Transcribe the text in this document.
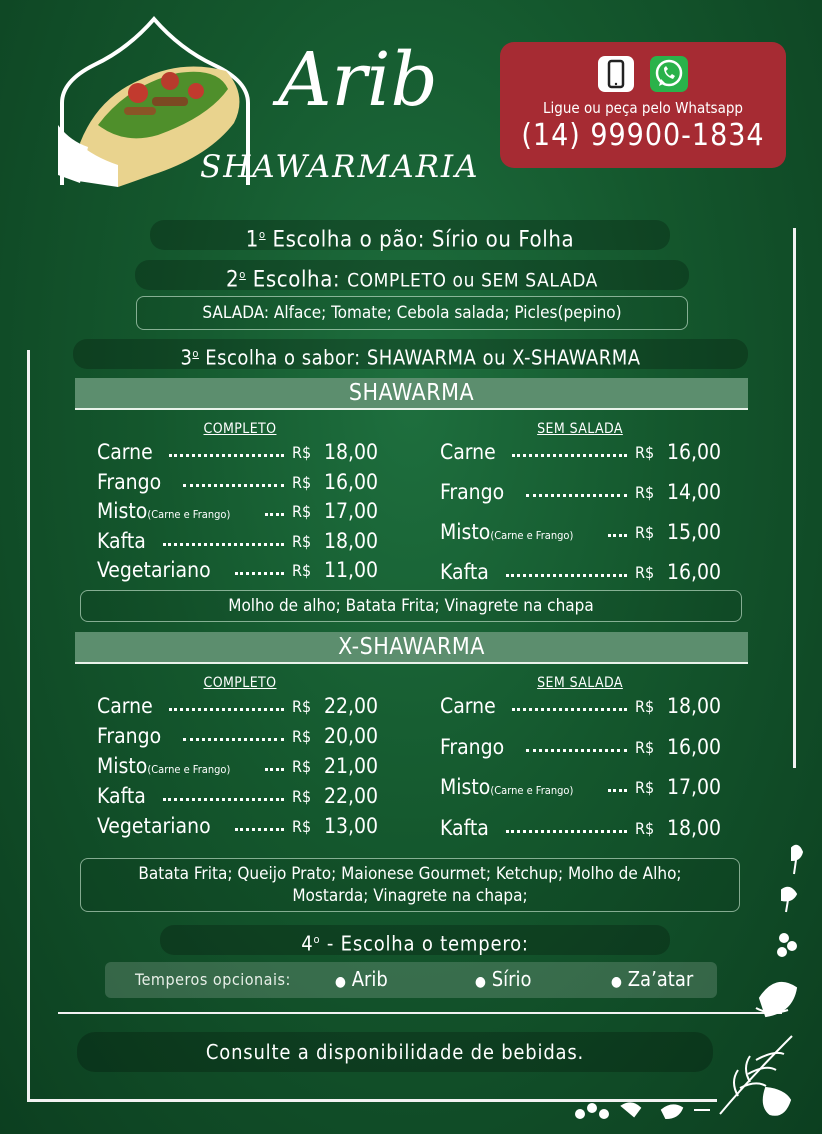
Arib
SHAWARMARIA
Ligue ou peça pelo Whatsapp
(14) 99900-1834
1$^o$ Escolha o pão: Sírio ou Folha
2$^o$ Escolha: COMPLETO ou SEM SALADA
SALADA: Alface; Tomate; Cebola salada; Picles(pepino)
3$^o$ Escolha o sabor: SHAWARMA ou X-SHAWARMA
SHAWARMA
COMPLETO	SEM SALADA
Carne	R$ 18,00
Frango	R$ 16,00
Misto(Carne e Frango)	R$ 17,00
Kafta	R$ 18,00
Vegetariano	R$ 11,00
Carne	R$ 16,00
Frango	R$ 14,00
Misto(Carne e Frango)	R$ 15,00
Kafta	R$ 16,00
Molho de alho; Batata Frita; Vinagrete na chapa
X-SHAWARMA
COMPLETO	SEM SALADA
Carne	R$ 22,00
Frango	R$ 20,00
Misto(Carne e Frango)	R$ 21,00
Kafta	R$ 22,00
Vegetariano	R$ 13,00
Carne	R$ 18,00
Frango	R$ 16,00
Misto(Carne e Frango)	R$ 17,00
Kafta	R$ 18,00
Batata Frita; Queijo Prato; Maionese Gourmet; Ketchup; Molho de Alho;
Mostarda; Vinagrete na chapa;
4$^o$ - Escolha o tempero:
Temperos opcionais:	● Arib	● Sírio	● Za’atar
Consulte a disponibilidade de bebidas.
